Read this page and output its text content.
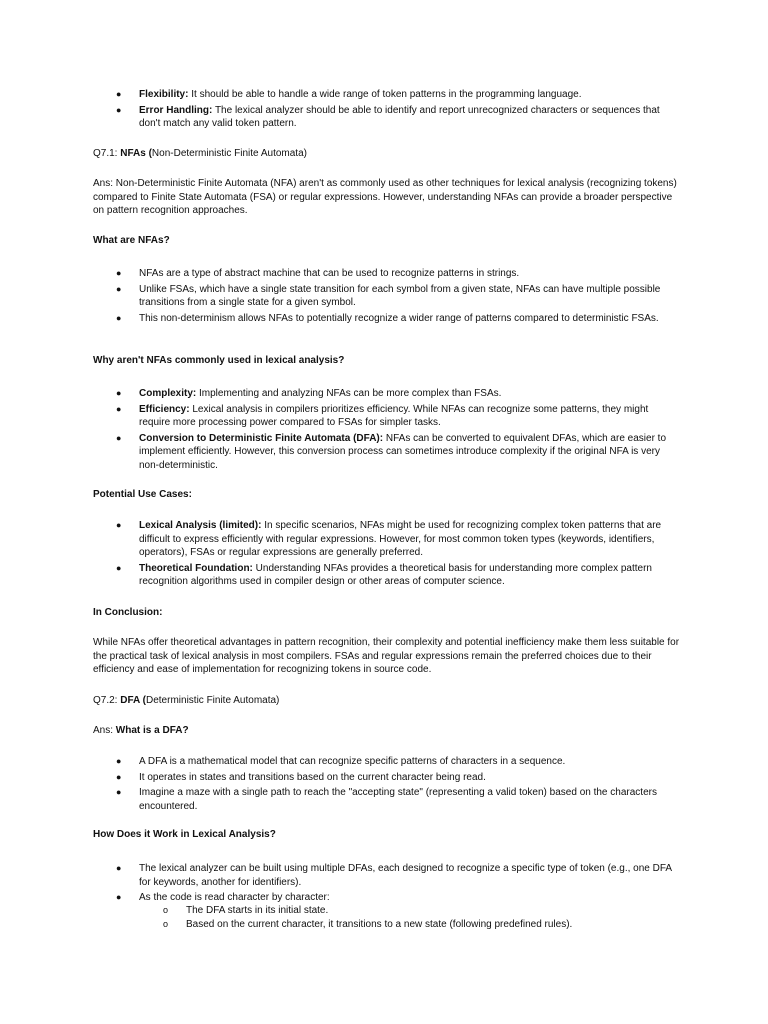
● Flexibility: It should be able to handle a wide range of token patterns in the programming language.
● Error Handling: The lexical analyzer should be able to identify and report unrecognized characters or sequences that don't match any valid token pattern.

Q7.1: NFAs (Non-Deterministic Finite Automata)

Ans: Non-Deterministic Finite Automata (NFA) aren't as commonly used as other techniques for lexical analysis (recognizing tokens) compared to Finite State Automata (FSA) or regular expressions. However, understanding NFAs can provide a broader perspective on pattern recognition approaches.

What are NFAs?

● NFAs are a type of abstract machine that can be used to recognize patterns in strings.
● Unlike FSAs, which have a single state transition for each symbol from a given state, NFAs can have multiple possible transitions from a single state for a given symbol.
● This non-determinism allows NFAs to potentially recognize a wider range of patterns compared to deterministic FSAs.

Why aren't NFAs commonly used in lexical analysis?

● Complexity: Implementing and analyzing NFAs can be more complex than FSAs.
● Efficiency: Lexical analysis in compilers prioritizes efficiency. While NFAs can recognize some patterns, they might require more processing power compared to FSAs for simpler tasks.
● Conversion to Deterministic Finite Automata (DFA): NFAs can be converted to equivalent DFAs, which are easier to implement efficiently. However, this conversion process can sometimes introduce complexity if the original NFA is very non-deterministic.

Potential Use Cases:

● Lexical Analysis (limited): In specific scenarios, NFAs might be used for recognizing complex token patterns that are difficult to express efficiently with regular expressions. However, for most common token types (keywords, identifiers, operators), FSAs or regular expressions are generally preferred.
● Theoretical Foundation: Understanding NFAs provides a theoretical basis for understanding more complex pattern recognition algorithms used in compiler design or other areas of computer science.

In Conclusion:

While NFAs offer theoretical advantages in pattern recognition, their complexity and potential inefficiency make them less suitable for the practical task of lexical analysis in most compilers. FSAs and regular expressions remain the preferred choices due to their efficiency and ease of implementation for recognizing tokens in source code.

Q7.2: DFA (Deterministic Finite Automata)

Ans: What is a DFA?

● A DFA is a mathematical model that can recognize specific patterns of characters in a sequence.
● It operates in states and transitions based on the current character being read.
● Imagine a maze with a single path to reach the "accepting state" (representing a valid token) based on the characters encountered.

How Does it Work in Lexical Analysis?

● The lexical analyzer can be built using multiple DFAs, each designed to recognize a specific type of token (e.g., one DFA for keywords, another for identifiers).
● As the code is read character by character:
o The DFA starts in its initial state.
o Based on the current character, it transitions to a new state (following predefined rules).
